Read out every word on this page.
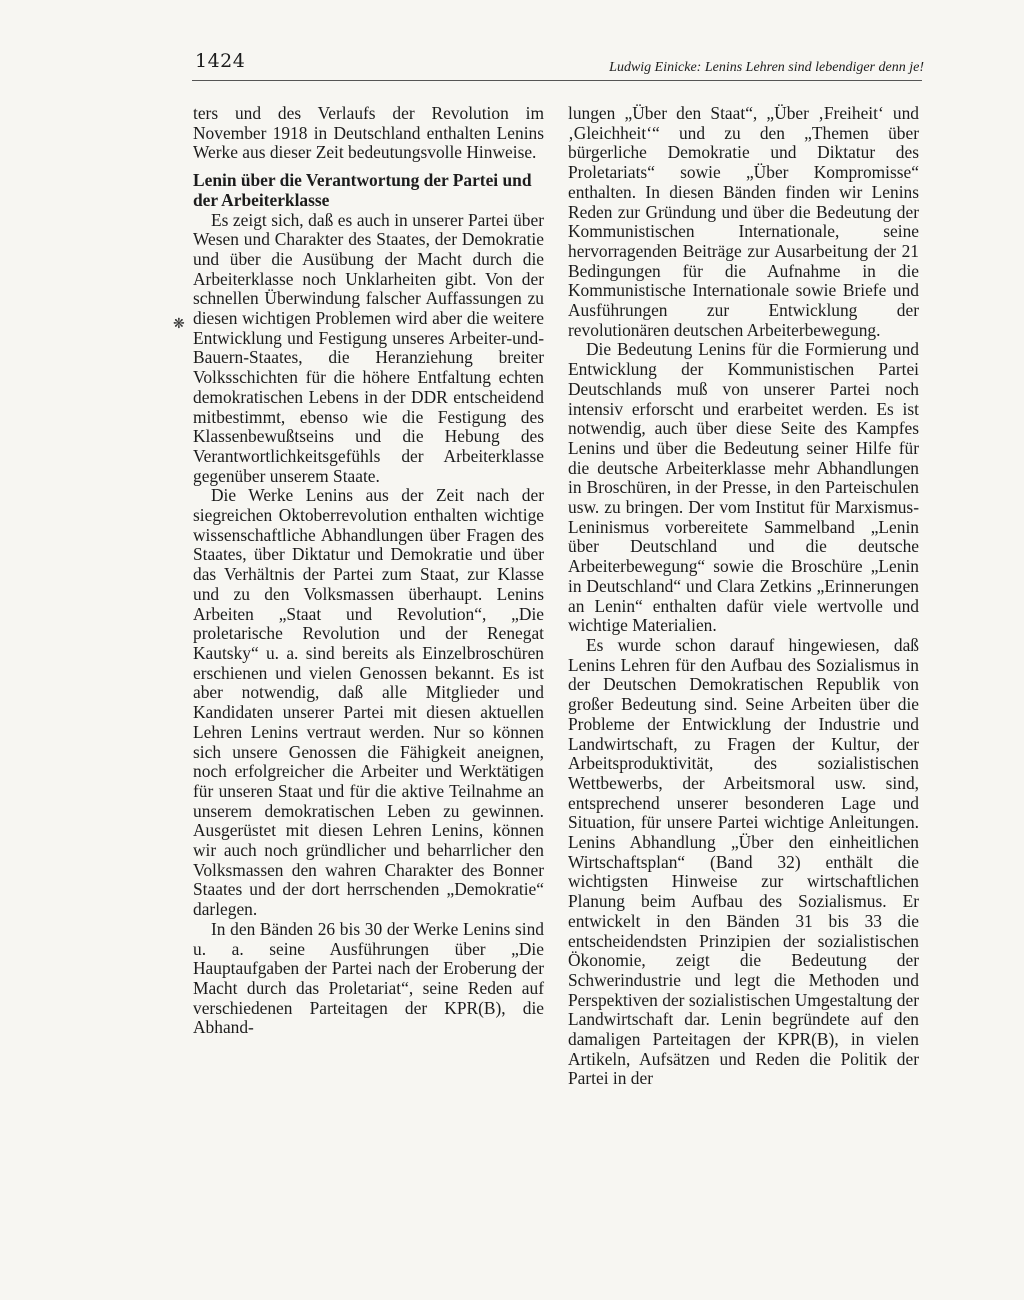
1424	Ludwig Einicke: Lenins Lehren sind lebendiger denn je!
❋

ters und des Verlaufs der Revolution im November 1918 in Deutschland enthalten Lenins Werke aus dieser Zeit bedeutungsvolle Hinweise.

Lenin über die Verantwortung der Partei und der Arbeiterklasse

Es zeigt sich, daß es auch in unserer Partei über Wesen und Charakter des Staates, der Demokratie und über die Ausübung der Macht durch die Arbeiterklasse noch Unklarheiten gibt. Von der schnellen Überwindung falscher Auffassungen zu diesen wichtigen Problemen wird aber die weitere Entwicklung und Festigung unseres Arbeiter-und-Bauern-Staates, die Heranziehung breiter Volksschichten für die höhere Entfaltung echten demokratischen Lebens in der DDR entscheidend mitbestimmt, ebenso wie die Festigung des Klassenbewußtseins und die Hebung des Verantwortlichkeitsgefühls der Arbeiterklasse gegenüber unserem Staate.

Die Werke Lenins aus der Zeit nach der siegreichen Oktoberrevolution enthalten wichtige wissenschaftliche Abhandlungen über Fragen des Staates, über Diktatur und Demokratie und über das Verhältnis der Partei zum Staat, zur Klasse und zu den Volksmassen überhaupt. Lenins Arbeiten „Staat und Revolution“, „Die proletarische Revolution und der Renegat Kautsky“ u. a. sind bereits als Einzelbroschüren erschienen und vielen Genossen bekannt. Es ist aber notwendig, daß alle Mitglieder und Kandidaten unserer Partei mit diesen aktuellen Lehren Lenins vertraut werden. Nur so können sich unsere Genossen die Fähigkeit aneignen, noch erfolgreicher die Arbeiter und Werktätigen für unseren Staat und für die aktive Teilnahme an unserem demokratischen Leben zu gewinnen. Ausgerüstet mit diesen Lehren Lenins, können wir auch noch gründlicher und beharrlicher den Volksmassen den wahren Charakter des Bonner Staates und der dort herrschenden „Demokratie“ darlegen.

In den Bänden 26 bis 30 der Werke Lenins sind u. a. seine Ausführungen über „Die Hauptaufgaben der Partei nach der Eroberung der Macht durch das Proletariat“, seine Reden auf verschiedenen Parteitagen der KPR(B), die Abhand-

lungen „Über den Staat“, „Über ‚Freiheit‘ und ‚Gleichheit‘“ und zu den „Themen über bürgerliche Demokratie und Diktatur des Proletariats“ sowie „Über Kompromisse“ enthalten. In diesen Bänden finden wir Lenins Reden zur Gründung und über die Bedeutung der Kommunistischen Internationale, seine hervorragenden Beiträge zur Ausarbeitung der 21 Bedingungen für die Aufnahme in die Kommunistische Internationale sowie Briefe und Ausführungen zur Entwicklung der revolutionären deutschen Arbeiterbewegung.

Die Bedeutung Lenins für die Formierung und Entwicklung der Kommunistischen Partei Deutschlands muß von unserer Partei noch intensiv erforscht und erarbeitet werden. Es ist notwendig, auch über diese Seite des Kampfes Lenins und über die Bedeutung seiner Hilfe für die deutsche Arbeiterklasse mehr Abhandlungen in Broschüren, in der Presse, in den Parteischulen usw. zu bringen. Der vom Institut für Marxismus-Leninismus vorbereitete Sammelband „Lenin über Deutschland und die deutsche Arbeiterbewegung“ sowie die Broschüre „Lenin in Deutschland“ und Clara Zetkins „Erinnerungen an Lenin“ enthalten dafür viele wertvolle und wichtige Materialien.

Es wurde schon darauf hingewiesen, daß Lenins Lehren für den Aufbau des Sozialismus in der Deutschen Demokratischen Republik von großer Bedeutung sind. Seine Arbeiten über die Probleme der Entwicklung der Industrie und Landwirtschaft, zu Fragen der Kultur, der Arbeitsproduktivität, des sozialistischen Wettbewerbs, der Arbeitsmoral usw. sind, entsprechend unserer besonderen Lage und Situation, für unsere Partei wichtige Anleitungen. Lenins Abhandlung „Über den einheitlichen Wirtschaftsplan“ (Band 32) enthält die wichtigsten Hinweise zur wirtschaftlichen Planung beim Aufbau des Sozialismus. Er entwickelt in den Bänden 31 bis 33 die entscheidendsten Prinzipien der sozialistischen Ökonomie, zeigt die Bedeutung der Schwerindustrie und legt die Methoden und Perspektiven der sozialistischen Umgestaltung der Landwirtschaft dar. Lenin begründete auf den damaligen Parteitagen der KPR(B), in vielen Artikeln, Aufsätzen und Reden die Politik der Partei in der
